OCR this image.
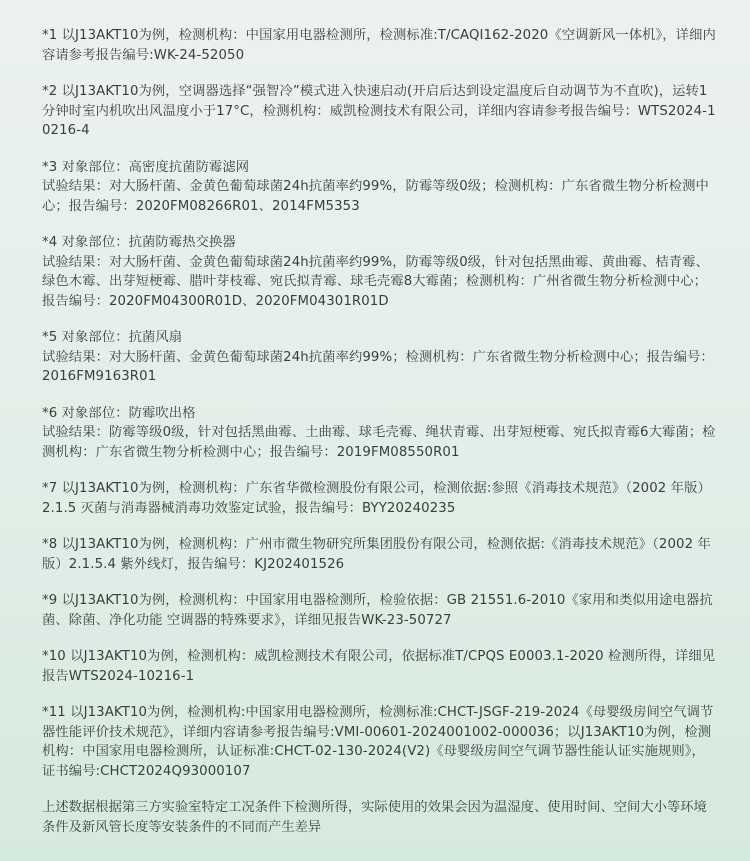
*1 以J13AKT10为例，检测机构：中国家用电器检测所，检测标准:T/CAQI162-2020《空调新风一体机》，详细内容请参考报告编号:WK-24-52050
*2 以J13AKT10为例，空调器选择“强智冷”模式进入快速启动(开启后达到设定温度后自动调节为不直吹)，运转1分钟时室内机吹出风温度小于17°C，检测机构：威凯检测技术有限公司，详细内容请参考报告编号：WTS2024-10216-4
*3 对象部位：高密度抗菌防霉滤网
试验结果：对大肠杆菌、金黄色葡萄球菌24h抗菌率约99%，防霉等级0级；检测机构：广东省微生物分析检测中心；报告编号：2020FM08266R01、2014FM5353
*4 对象部位：抗菌防霉热交换器
试验结果：对大肠杆菌、金黄色葡萄球菌24h抗菌率约99%，防霉等级0级，针对包括黑曲霉、黄曲霉、桔青霉、 绿色木霉、出芽短梗霉、腊叶芽枝霉、宛氏拟青霉、球毛壳霉8大霉菌；检测机构：广州省微生物分析检测中心；报告编号：2020FM04300R01D、2020FM04301R01D
*5 对象部位：抗菌风扇
试验结果：对大肠杆菌、金黄色葡萄球菌24h抗菌率约99%；检测机构：广东省微生物分析检测中心；报告编号：2016FM9163R01
*6 对象部位：防霉吹出格
试验结果：防霉等级0级，针对包括黑曲霉、土曲霉、球毛壳霉、绳状青霉、出芽短梗霉、宛氏拟青霉6大霉菌；检测机构：广东省微生物分析检测中心；报告编号：2019FM08550R01
*7 以J13AKT10为例，检测机构：广东省华微检测股份有限公司，检测依据:参照《消毒技术规范》（2002 年版）2.1.5 灭菌与消毒器械消毒功效鉴定试验，报告编号：BYY20240235
*8 以J13AKT10为例，检测机构：广州市微生物研究所集团股份有限公司，检测依据:《消毒技术规范》（2002 年版）2.1.5.4 紫外线灯，报告编号：KJ202401526
*9 以J13AKT10为例，检测机构：中国家用电器检测所，检验依据：GB 21551.6-2010《家用和类似用途电器抗菌、除菌、净化功能 空调器的特殊要求》，详细见报告WK-23-50727
*10 以J13AKT10为例，检测机构：威凯检测技术有限公司，依据标准T/CPQS E0003.1-2020 检测所得，详细见报告WTS2024-10216-1
*11 以J13AKT10为例，检测机构:中国家用电器检测所，检测标准:CHCT-JSGF-219-2024《母婴级房间空气调节器性能评价技术规范》，详细内容请参考报告编号:VMI-00601-2024001002-000036；以J13AKT10为例，检测机构：中国家用电器检测所，认证标准:CHCT-02-130-2024(V2)《母婴级房间空气调节器性能认证实施规则》，证书编号:CHCT2024Q93000107
上述数据根据第三方实验室特定工况条件下检测所得，实际使用的效果会因为温湿度、使用时间、空间大小等环境条件及新风管长度等安装条件的不同而产生差异
